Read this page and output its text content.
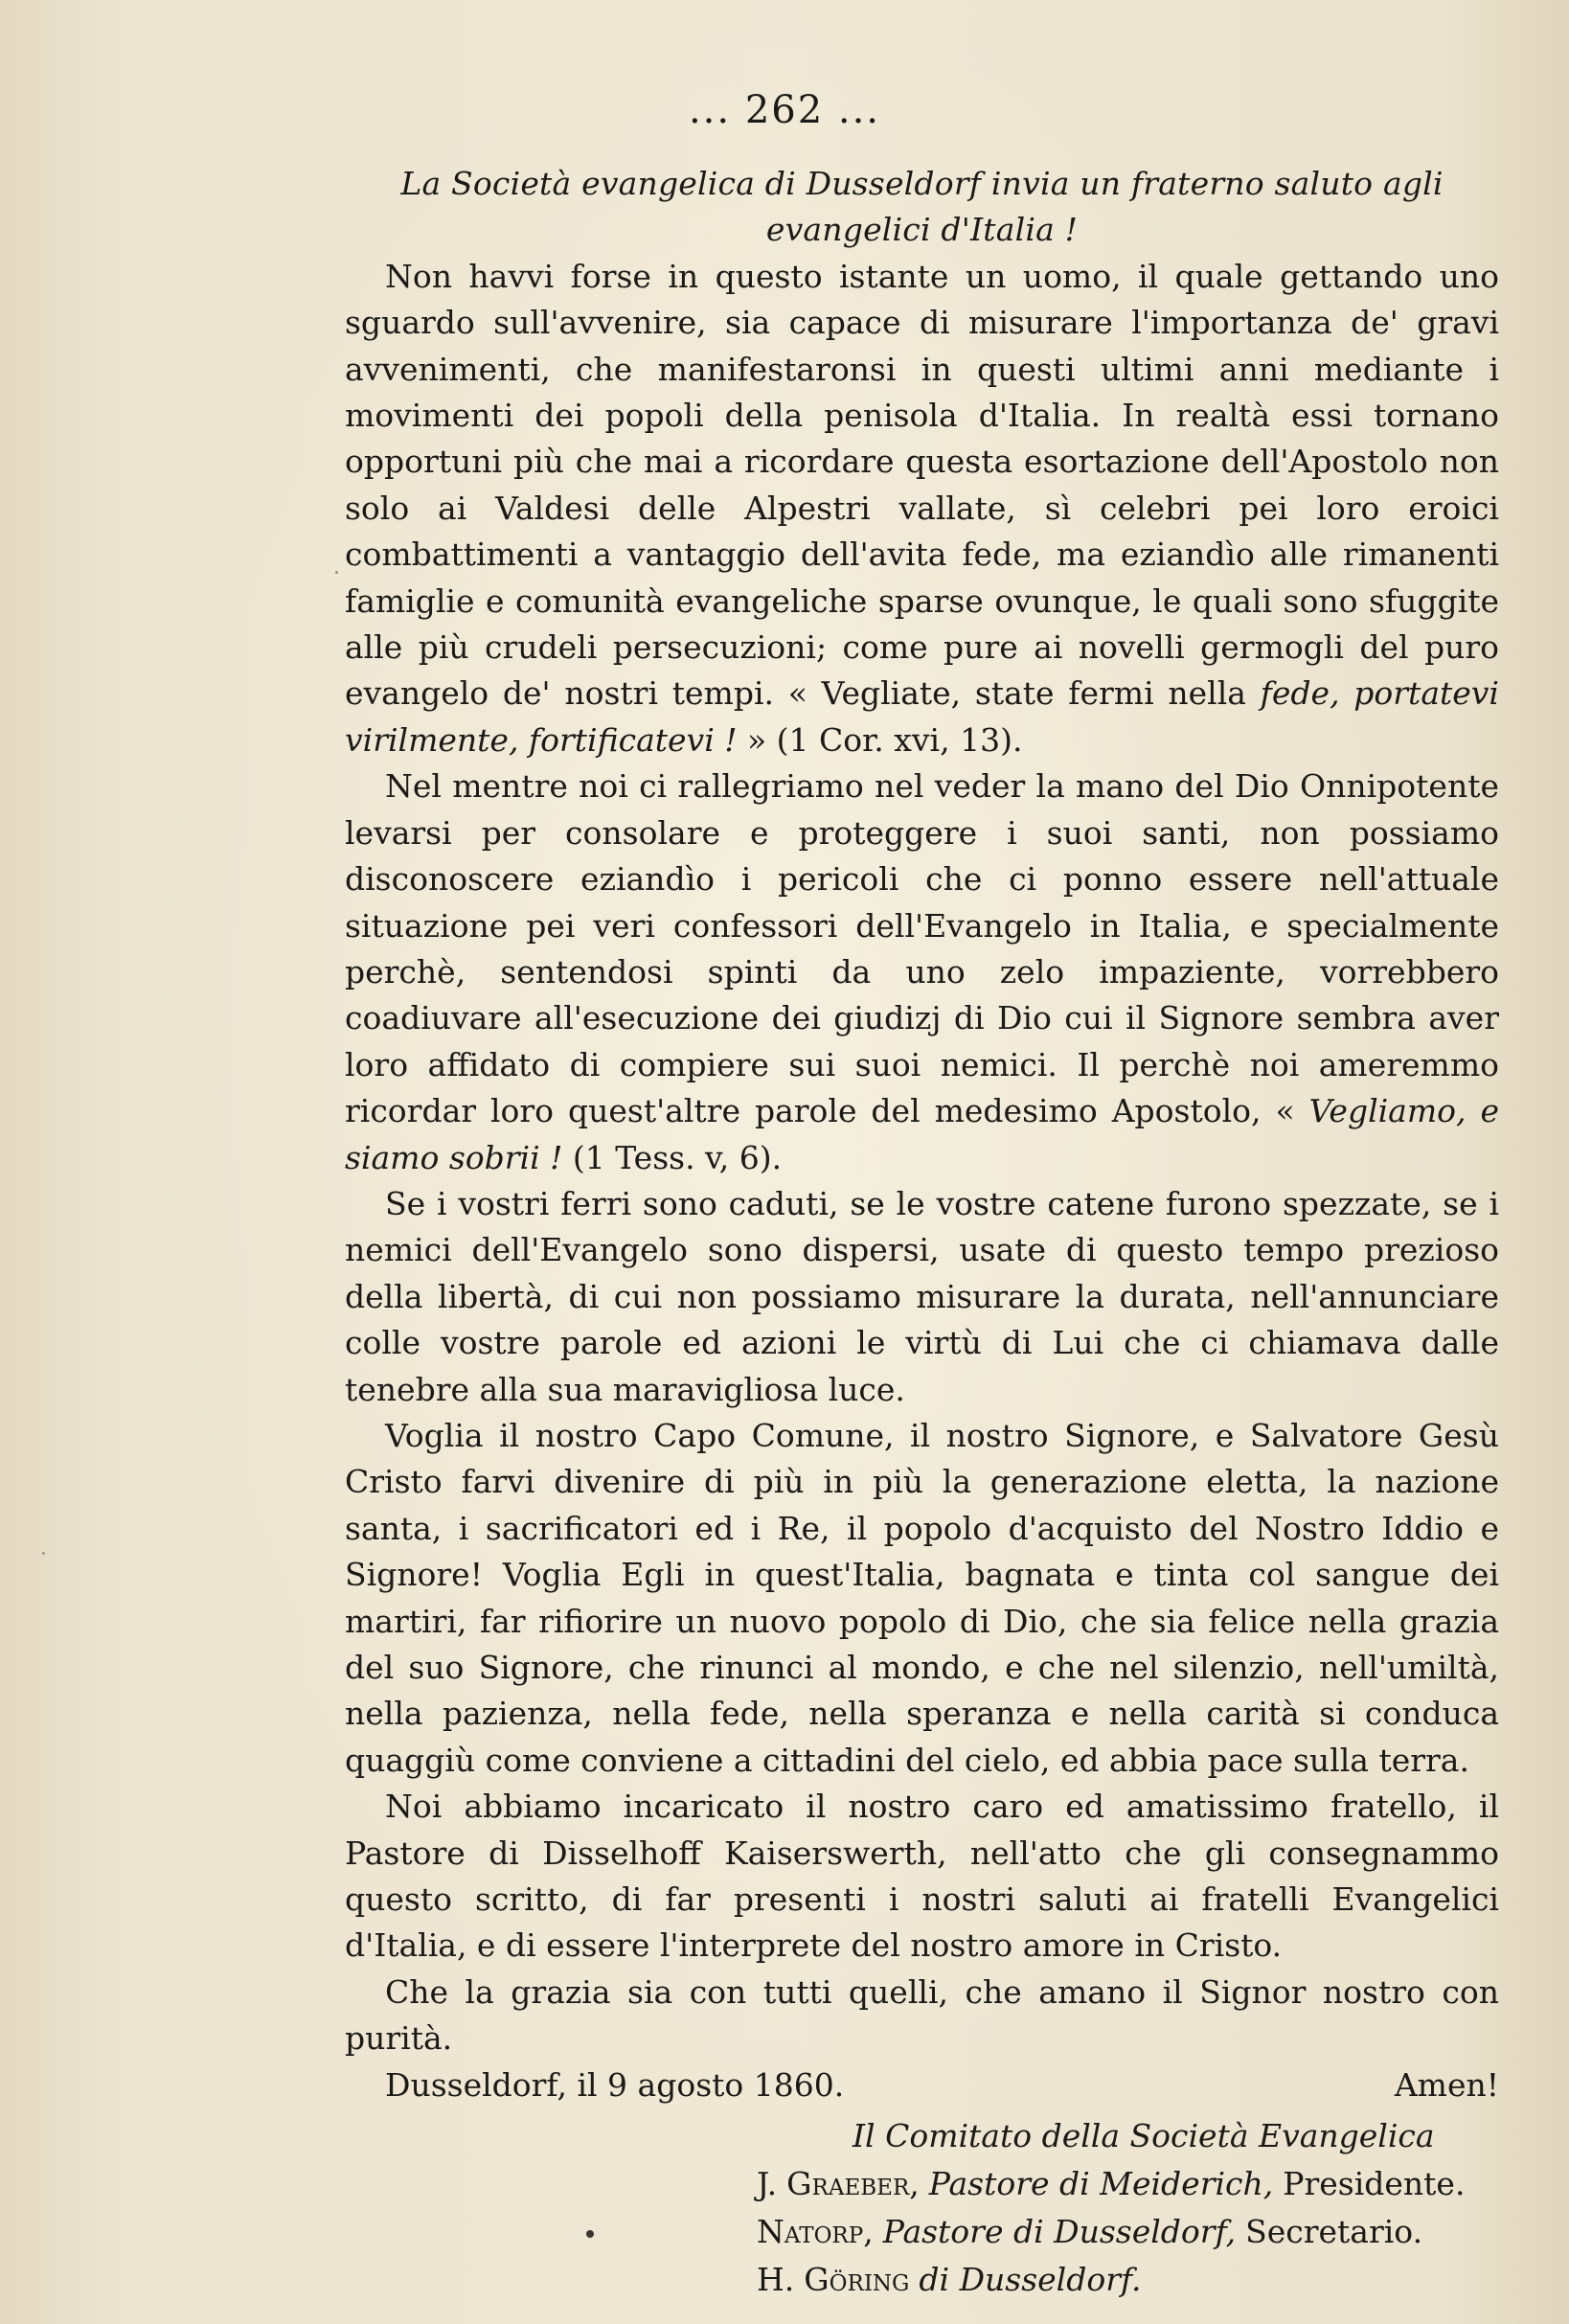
... 262 ...

La Società evangelica di Dusseldorf invia un fraterno saluto agli evangelici d'Italia !

Non havvi forse in questo istante un uomo, il quale gettando uno sguardo sull'avvenire, sia capace di misurare l'importanza de' gravi avvenimenti, che manifestaronsi in questi ultimi anni mediante i movimenti dei popoli della penisola d'Italia. In realtà essi tornano opportuni più che mai a ricordare questa esortazione dell'Apostolo non solo ai Valdesi delle Alpestri vallate, sì celebri pei loro eroici combattimenti a vantaggio dell'avita fede, ma eziandìo alle rimanenti famiglie e comunità evangeliche sparse ovunque, le quali sono sfuggite alle più crudeli persecuzioni; come pure ai novelli germogli del puro evangelo de' nostri tempi. « Vegliate, state fermi nella fede, portatevi virilmente, fortificatevi ! » (1 Cor. xvi, 13).

Nel mentre noi ci rallegriamo nel veder la mano del Dio Onnipotente levarsi per consolare e proteggere i suoi santi, non possiamo disconoscere eziandìo i pericoli che ci ponno essere nell'attuale situazione pei veri confessori dell'Evangelo in Italia, e specialmente perchè, sentendosi spinti da uno zelo impaziente, vorrebbero coadiuvare all'esecuzione dei giudizj di Dio cui il Signore sembra aver loro affidato di compiere sui suoi nemici. Il perchè noi ameremmo ricordar loro quest'altre parole del medesimo Apostolo, « Vegliamo, e siamo sobrii ! (1 Tess. v, 6).

Se i vostri ferri sono caduti, se le vostre catene furono spezzate, se i nemici dell'Evangelo sono dispersi, usate di questo tempo prezioso della libertà, di cui non possiamo misurare la durata, nell'annunciare colle vostre parole ed azioni le virtù di Lui che ci chiamava dalle tenebre alla sua maravigliosa luce.

Voglia il nostro Capo Comune, il nostro Signore, e Salvatore Gesù Cristo farvi divenire di più in più la generazione eletta, la nazione santa, i sacrificatori ed i Re, il popolo d'acquisto del Nostro Iddio e Signore! Voglia Egli in quest'Italia, bagnata e tinta col sangue dei martiri, far rifiorire un nuovo popolo di Dio, che sia felice nella grazia del suo Signore, che rinunci al mondo, e che nel silenzio, nell'umiltà, nella pazienza, nella fede, nella speranza e nella carità si conduca quaggiù come conviene a cittadini del cielo, ed abbia pace sulla terra.

Noi abbiamo incaricato il nostro caro ed amatissimo fratello, il Pastore di Disselhoff Kaiserswerth, nell'atto che gli consegnammo questo scritto, di far presenti i nostri saluti ai fratelli Evangelici d'Italia, e di essere l'interprete del nostro amore in Cristo.

Che la grazia sia con tutti quelli, che amano il Signor nostro con purità.

Dusseldorf, il 9 agosto 1860.	Amen!
Il Comitato della Società Evangelica
J. Graeber, Pastore di Meiderich, Presidente.
Natorp, Pastore di Dusseldorf, Secretario.
H. Göring di Dusseldorf.
